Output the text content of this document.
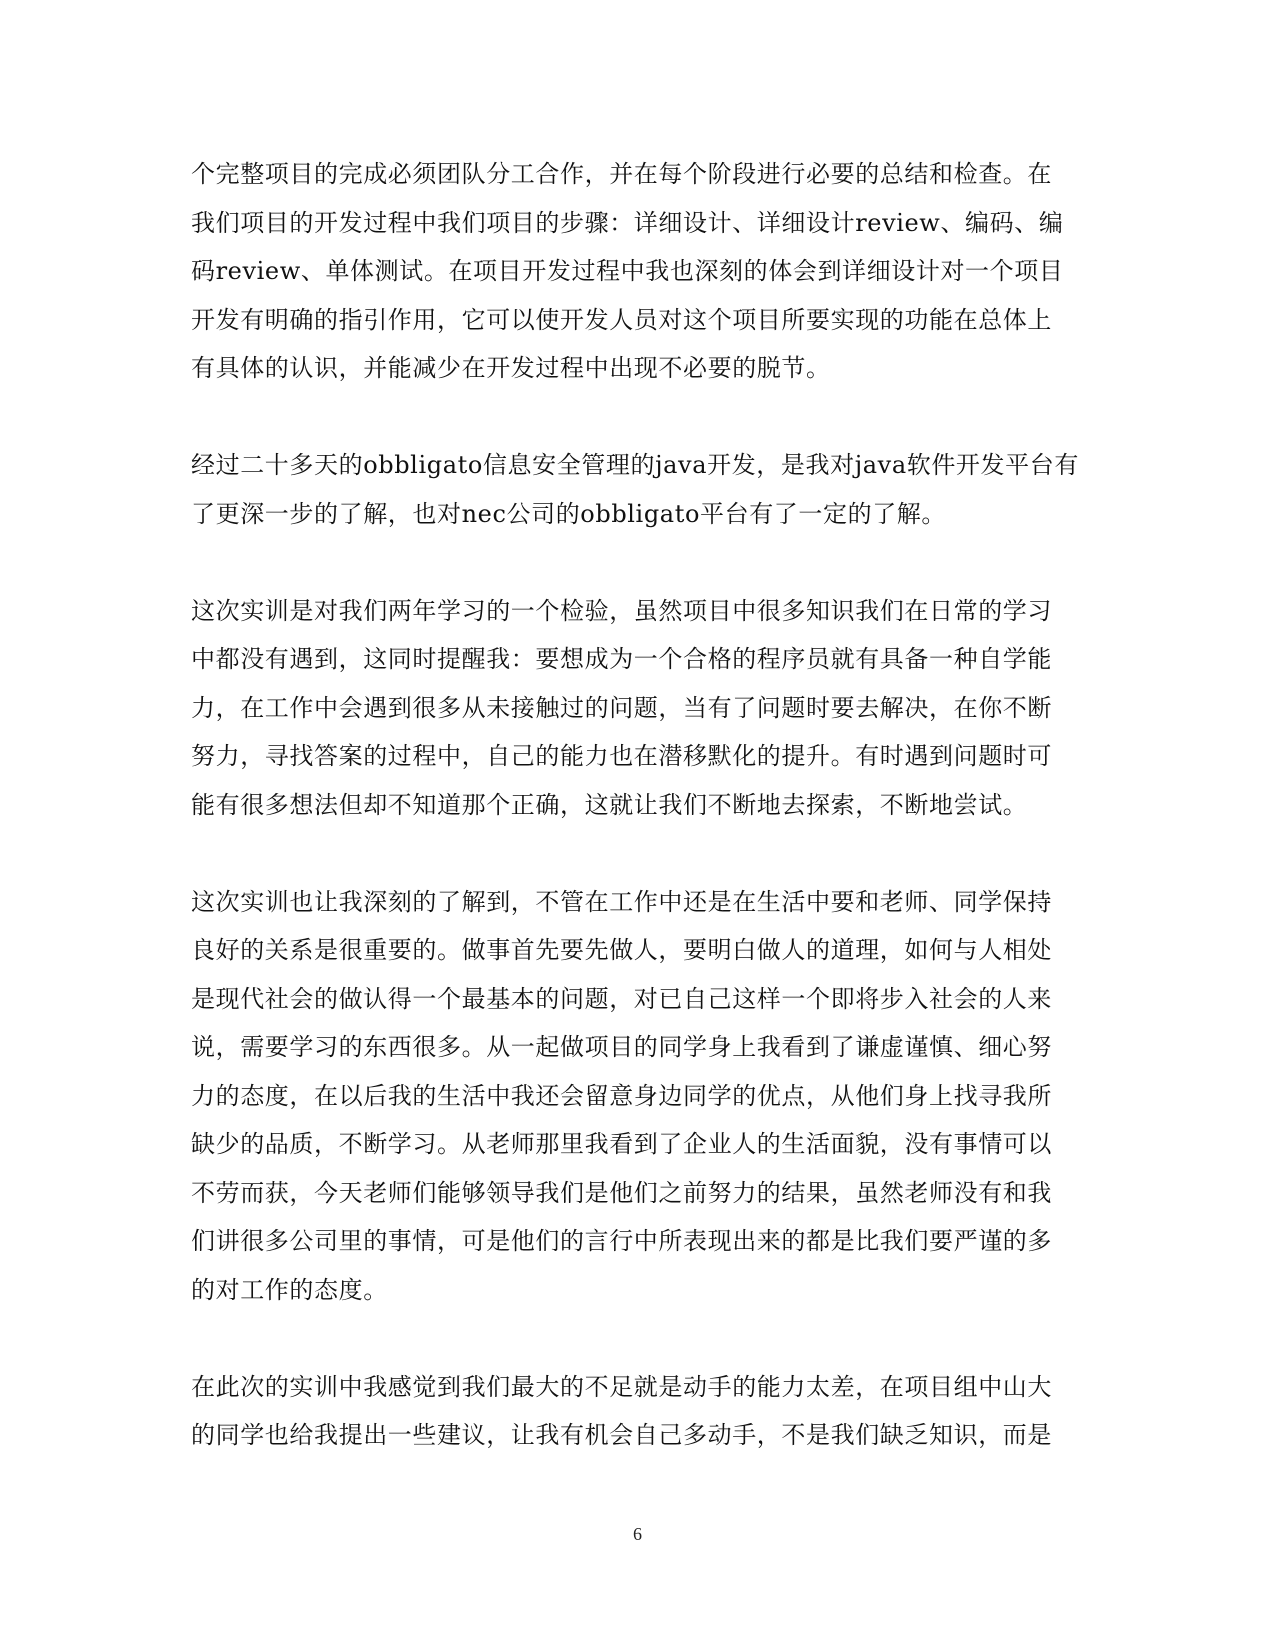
个完整项目的完成必须团队分工合作，并在每个阶段进行必要的总结和检查。在
我们项目的开发过程中我们项目的步骤：详细设计、详细设计review、编码、编
码review、单体测试。在项目开发过程中我也深刻的体会到详细设计对一个项目
开发有明确的指引作用，它可以使开发人员对这个项目所要实现的功能在总体上
有具体的认识，并能减少在开发过程中出现不必要的脱节。
经过二十多天的obbligato信息安全管理的java开发，是我对java软件开发平台有
了更深一步的了解，也对nec公司的obbligato平台有了一定的了解。
这次实训是对我们两年学习的一个检验，虽然项目中很多知识我们在日常的学习
中都没有遇到，这同时提醒我：要想成为一个合格的程序员就有具备一种自学能
力，在工作中会遇到很多从未接触过的问题，当有了问题时要去解决，在你不断
努力，寻找答案的过程中，自己的能力也在潜移默化的提升。有时遇到问题时可
能有很多想法但却不知道那个正确，这就让我们不断地去探索，不断地尝试。
这次实训也让我深刻的了解到，不管在工作中还是在生活中要和老师、同学保持
良好的关系是很重要的。做事首先要先做人，要明白做人的道理，如何与人相处
是现代社会的做认得一个最基本的问题，对已自己这样一个即将步入社会的人来
说，需要学习的东西很多。从一起做项目的同学身上我看到了谦虚谨慎、细心努
力的态度，在以后我的生活中我还会留意身边同学的优点，从他们身上找寻我所
缺少的品质，不断学习。从老师那里我看到了企业人的生活面貌，没有事情可以
不劳而获，今天老师们能够领导我们是他们之前努力的结果，虽然老师没有和我
们讲很多公司里的事情，可是他们的言行中所表现出来的都是比我们要严谨的多
的对工作的态度。
在此次的实训中我感觉到我们最大的不足就是动手的能力太差，在项目组中山大
的同学也给我提出一些建议，让我有机会自己多动手，不是我们缺乏知识，而是
6
